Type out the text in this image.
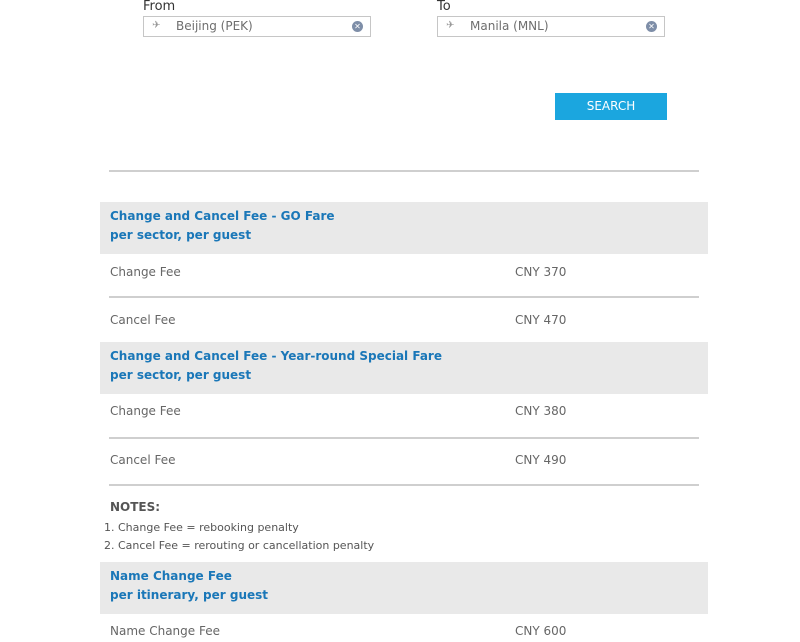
From
✈ Beijing (PEK)	✕
To
✈ Manila (MNL)	✕
SEARCH
Change and Cancel Fee - GO Fare
per sector, per guest
Change Fee	CNY 370
Cancel Fee	CNY 470
Change and Cancel Fee - Year-round Special Fare
per sector, per guest
Change Fee	CNY 380
Cancel Fee	CNY 490
NOTES:
1. Change Fee = rebooking penalty
2. Cancel Fee = rerouting or cancellation penalty
Name Change Fee
per itinerary, per guest
Name Change Fee	CNY 600
